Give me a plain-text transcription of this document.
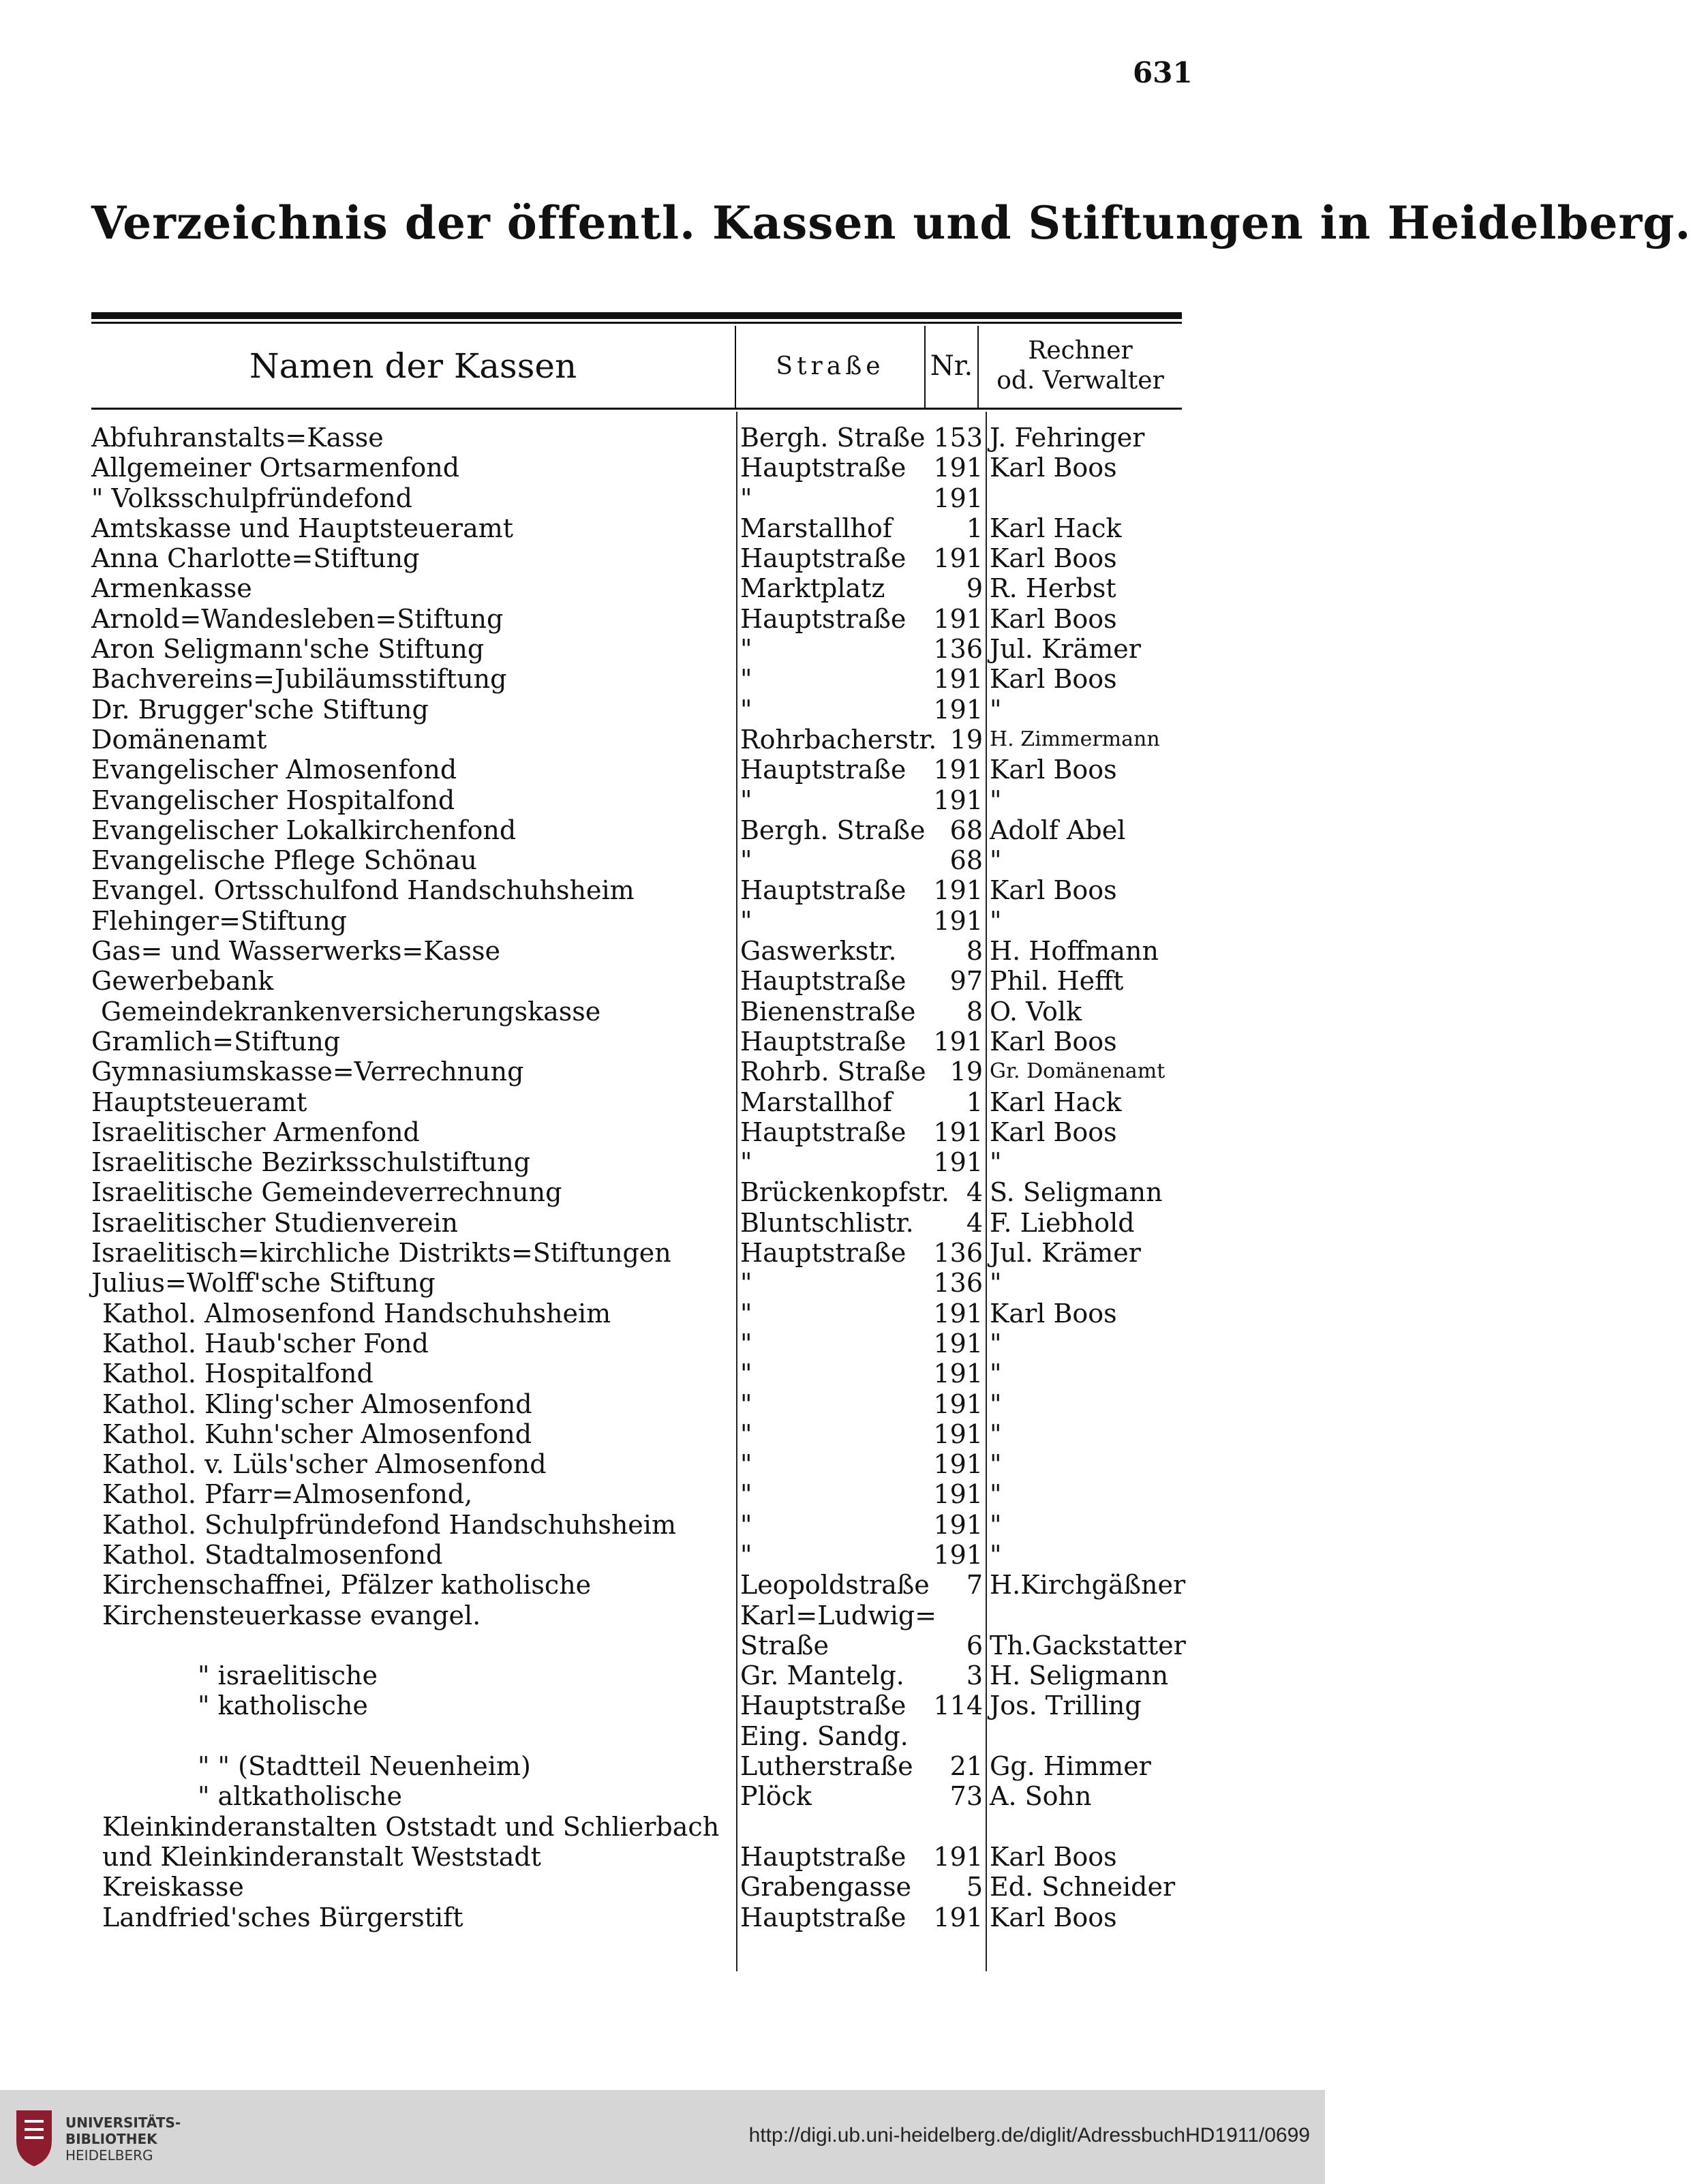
631
Verzeichnis der öffentl. Kassen und Stiftungen in Heidelberg.
Namen der Kassen	Straße	Nr. Rechner
od. Verwalter
Abfuhranstalts=Kasse	Bergh. Straße 153 J. Fehringer
Allgemeiner Ortsarmenfond	Hauptstraße	191 Karl Boos
" Volksschulpfründefond	"	191
Amtskasse und Hauptsteueramt	Marstallhof	1 Karl Hack
Anna Charlotte=Stiftung	Hauptstraße	191 Karl Boos
Armenkasse	Marktplatz	9 R. Herbst
Arnold=Wandesleben=Stiftung	Hauptstraße	191 Karl Boos
Aron Seligmann'sche Stiftung	"	136 Jul. Krämer
Bachvereins=Jubiläumsstiftung	"	191 Karl Boos
Dr. Brugger'sche Stiftung	"	191 "
Domänenamt	Rohrbacherstr. 19 H. Zimmermann
Evangelischer Almosenfond	Hauptstraße	191 Karl Boos
Evangelischer Hospitalfond	"	191 "
Evangelischer Lokalkirchenfond	Bergh. Straße 68 Adolf Abel
Evangelische Pflege Schönau	"	68 "
Evangel. Ortsschulfond Handschuhsheim	Hauptstraße	191 Karl Boos
Flehinger=Stiftung	"	191 "
Gas= und Wasserwerks=Kasse	Gaswerkstr.	8 H. Hoffmann
Gewerbebank	Hauptstraße	97 Phil. Hefft
Gemeindekrankenversicherungskasse	Bienenstraße	8 O. Volk
Gramlich=Stiftung	Hauptstraße	191 Karl Boos
Gymnasiumskasse=Verrechnung	Rohrb. Straße 19 Gr. Domänenamt
Hauptsteueramt	Marstallhof	1 Karl Hack
Israelitischer Armenfond	Hauptstraße	191 Karl Boos
Israelitische Bezirksschulstiftung	"	191 "
Israelitische Gemeindeverrechnung	Brückenkopfstr. 4 S. Seligmann
Israelitischer Studienverein	Bluntschlistr.	4 F. Liebhold
Israelitisch=kirchliche Distrikts=Stiftungen	Hauptstraße	136 Jul. Krämer
Julius=Wolff'sche Stiftung	"	136 "
Kathol. Almosenfond Handschuhsheim	"	191 Karl Boos
Kathol. Haub'scher Fond	"	191 "
Kathol. Hospitalfond	"	191 "
Kathol. Kling'scher Almosenfond	"	191 "
Kathol. Kuhn'scher Almosenfond	"	191 "
Kathol. v. Lüls'scher Almosenfond	"	191 "
Kathol. Pfarr=Almosenfond,	"	191 "
Kathol. Schulpfründefond Handschuhsheim "	191 "
Kathol. Stadtalmosenfond	"	191 "
Kirchenschaffnei, Pfälzer katholische	Leopoldstraße	7 H.Kirchgäßner
Kirchensteuerkasse evangel.	Karl=Ludwig=
Straße	6 Th.Gackstatter
" israelitische	Gr. Mantelg.	3 H. Seligmann
" katholische	Hauptstraße	114 Jos. Trilling
Eing. Sandg.
" " (Stadtteil Neuenheim)	Lutherstraße	21 Gg. Himmer
" altkatholische	Plöck	73 A. Sohn
Kleinkinderanstalten Oststadt und Schlierbach
und Kleinkinderanstalt Weststadt	Hauptstraße	191 Karl Boos
Kreiskasse	Grabengasse	5 Ed. Schneider
Landfried'sches Bürgerstift	Hauptstraße	191 Karl Boos
UNIVERSITÄTS-
BIBLIOTHEK
HEIDELBERG
http://digi.ub.uni-heidelberg.de/diglit/AdressbuchHD1911/0699
